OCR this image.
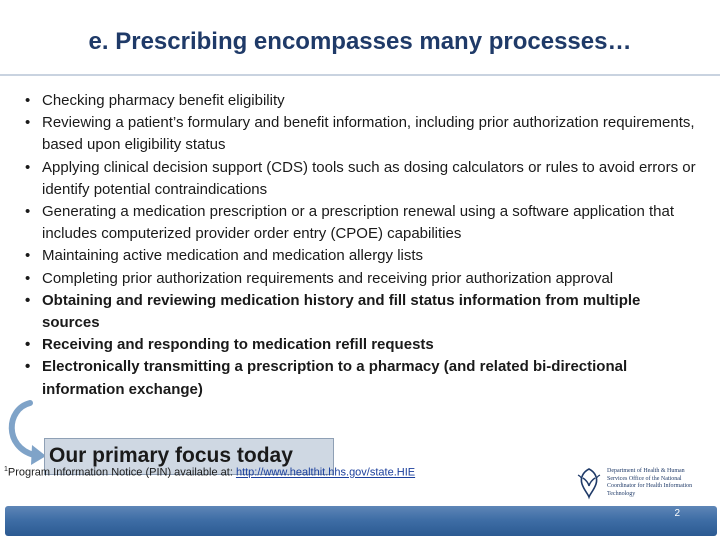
e. Prescribing encompasses many processes…
• Checking pharmacy benefit eligibility
• Reviewing a patient’s formulary and benefit information, including prior authorization requirements, based upon eligibility status
• Applying clinical decision support (CDS) tools such as dosing calculators or rules to avoid errors or identify potential contraindications
• Generating a medication prescription or a prescription renewal using a software application that includes computerized provider order entry (CPOE) capabilities
• Maintaining active medication and medication allergy lists
• Completing prior authorization requirements and receiving prior authorization approval
• Obtaining and reviewing medication history and fill status information from multiple sources
• Receiving and responding to medication refill requests
• Electronically transmitting a prescription to a pharmacy (and related bi-directional information exchange)
Our primary focus today
$^1$Program Information Notice (PIN) available at: http://www.healthit.hhs.gov/state.HIE	Department of Health & Human Services Office of the National Coordinator for Health Information Technology
2
